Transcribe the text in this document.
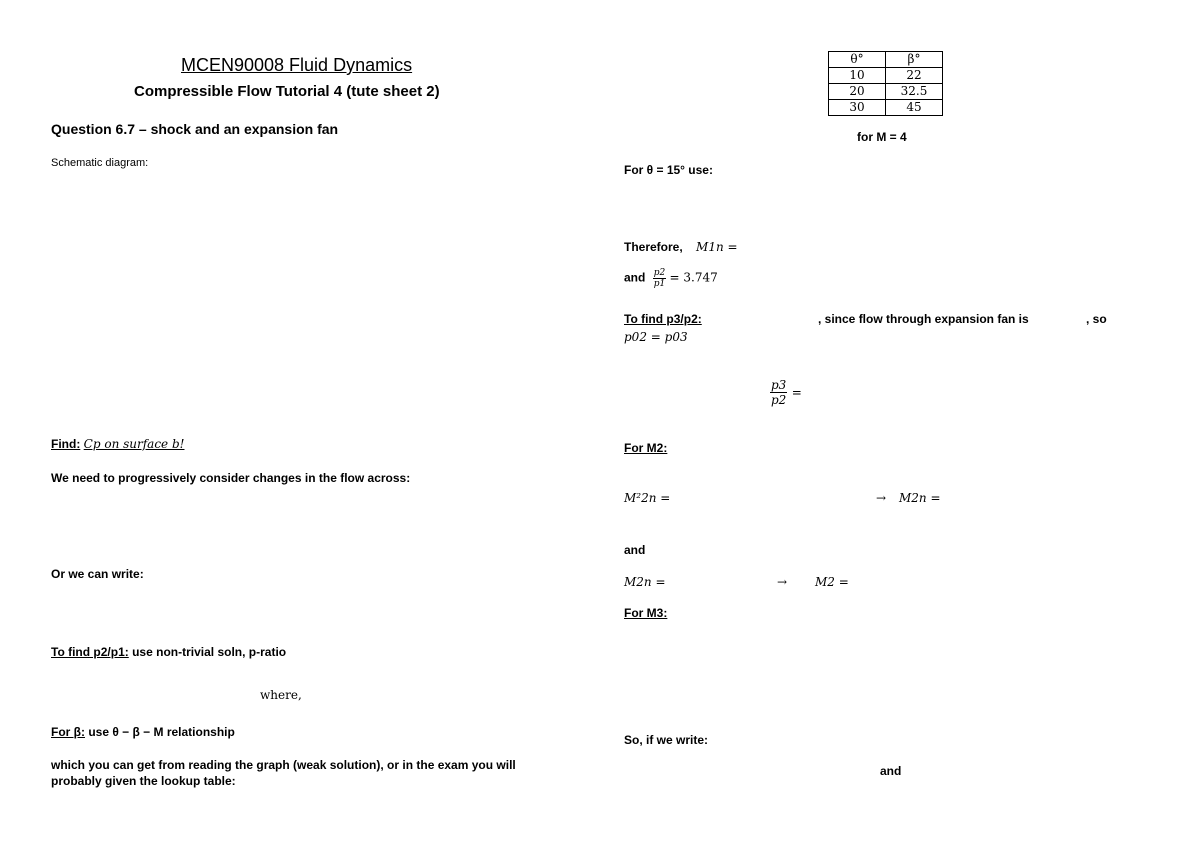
MCEN90008 Fluid Dynamics
Compressible Flow Tutorial 4 (tute sheet 2)
Question 6.7 – shock and an expansion fan
Schematic diagram:
Find: Cp on surface b!
We need to progressively consider changes in the flow across:
Or we can write:
To find p2/p1: use non-trivial soln, p-ratio
where,
For β: use θ − β − M relationship
which you can get from reading the graph (weak solution), or in the exam you will
probably given the lookup table:
θ°	β°
10	22
20	32.5
30	45
for M = 4
For θ = 15° use:
Therefore, M1n =
and $\frac{p2}{p1} = 3.747$
To find p3/p2:	, since flow through expansion fan is	, so
p02 = p03
$\frac{p3}{p2}$ =
For M2:
M²2n =	→ M2n =
and
M2n =	→ M2 =
For M3:
So, if we write:
and
